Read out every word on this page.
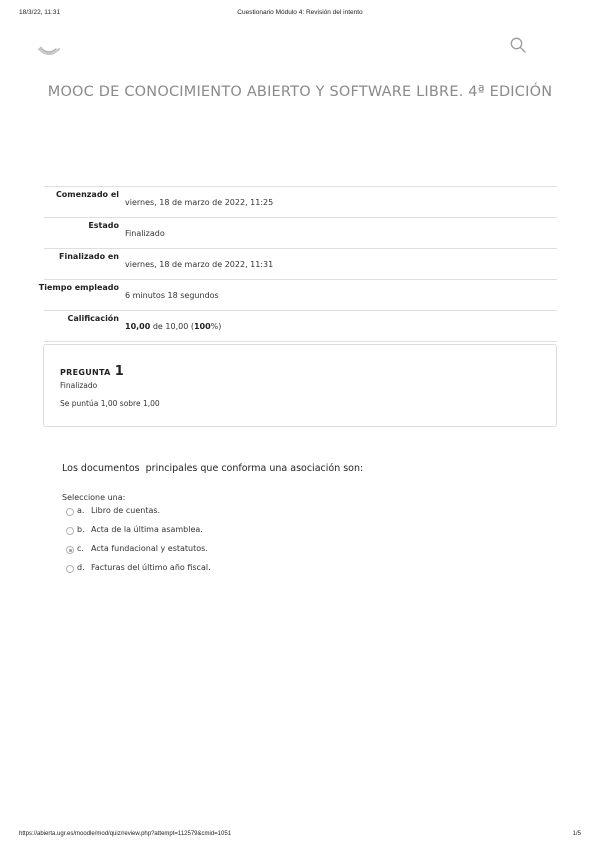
18/3/22, 11:31	Cuestionario Módulo 4: Revisión del intento
MOOC DE CONOCIMIENTO ABIERTO Y SOFTWARE LIBRE. 4ª EDICIÓN
Comenzado el
viernes, 18 de marzo de 2022, 11:25
Estado
Finalizado
Finalizado en
viernes, 18 de marzo de 2022, 11:31
Tiempo empleado
6 minutos 18 segundos
Calificación
10,00 de 10,00 (100%)
PREGUNTA 1
Finalizado
Se puntúa 1,00 sobre 1,00
Los documentos  principales que conforma una asociación son:
Seleccione una:
a. Libro de cuentas.
b. Acta de la última asamblea.
c. Acta fundacional y estatutos.
d. Facturas del último año fiscal.
https://abierta.ugr.es/moodle/mod/quiz/review.php?attempt=112579&cmid=1051	1/5
